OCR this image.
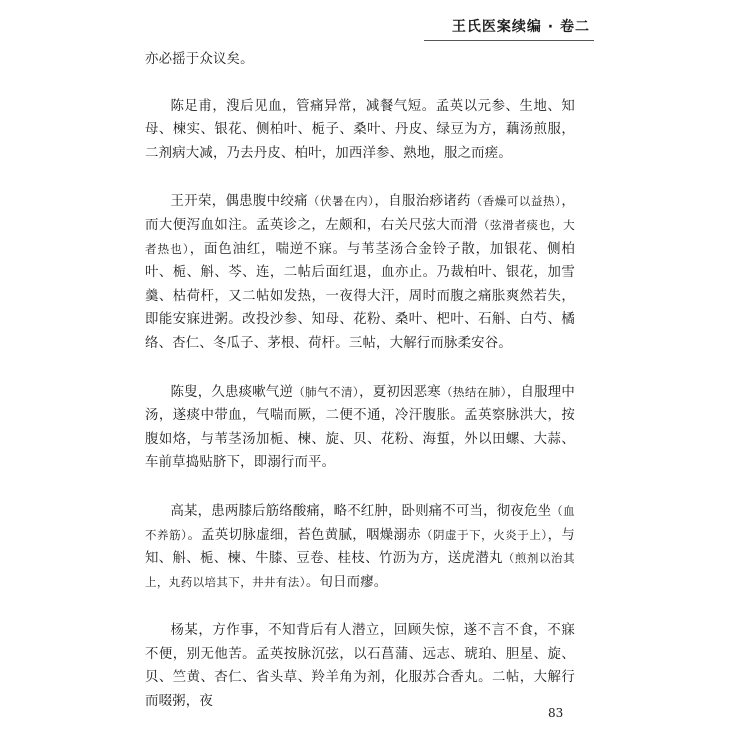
王氏医案续编 · 卷二

亦必摇于众议矣。

陈足甫，溲后见血，管痛异常，减餐气短。孟英以元参、生地、知母、楝实、银花、侧柏叶、栀子、桑叶、丹皮、绿豆为方，藕汤煎服，二剂病大减，乃去丹皮、柏叶，加西洋参、熟地，服之而瘥。

王开荣，偶患腹中绞痛（伏暑在内），自服治痧诸药（香燥可以益热），而大便泻血如注。孟英诊之，左颇和，右关尺弦大而滑（弦滑者痰也，大者热也），面色油红，喘逆不寐。与苇茎汤合金铃子散，加银花、侧柏叶、栀、斛、芩、连，二帖后面红退，血亦止。乃裁柏叶、银花，加雪羹、枯荷杆，又二帖如发热，一夜得大汗，周时而腹之痛胀爽然若失，即能安寐进粥。改投沙参、知母、花粉、桑叶、杷叶、石斛、白芍、橘络、杏仁、冬瓜子、茅根、荷杆。三帖，大解行而脉柔安谷。

陈叟，久患痰嗽气逆（肺气不清），夏初因恶寒（热结在肺），自服理中汤，遂痰中带血，气喘而厥，二便不通，冷汗腹胀。孟英察脉洪大，按腹如烙，与苇茎汤加栀、楝、旋、贝、花粉、海蜇，外以田螺、大蒜、车前草捣贴脐下，即溺行而平。

高某，患两膝后筋络酸痛，略不红肿，卧则痛不可当，彻夜危坐（血不养筋）。孟英切脉虚细，苔色黄腻，咽燥溺赤（阴虚于下，火炎于上），与知、斛、栀、楝、牛膝、豆卷、桂枝、竹沥为方，送虎潜丸（煎剂以治其上，丸药以培其下，井井有法）。旬日而瘳。

杨某，方作事，不知背后有人潜立，回顾失惊，遂不言不食，不寐不便，别无他苦。孟英按脉沉弦，以石菖蒲、远志、琥珀、胆星、旋、贝、竺黄、杏仁、省头草、羚羊角为剂，化服苏合香丸。二帖，大解行而啜粥，夜

83
